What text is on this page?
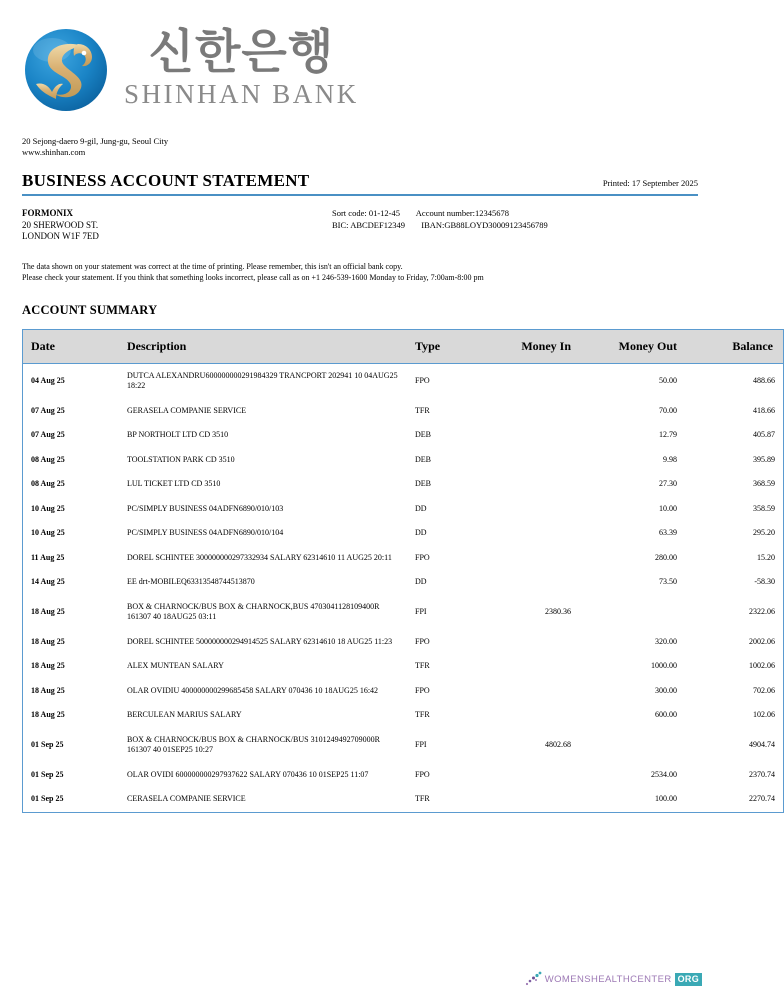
신한은행
SHINHAN BANK
20 Sejong-daero 9-gil, Jung-gu, Seoul City
www.shinhan.com
BUSINESS ACCOUNT STATEMENT	Printed: 17 September 2025
FORMONIX
20 SHERWOOD ST.
LONDON W1F 7ED
Sort code: 01-12-45 Account number:12345678
BIC: ABCDEF12349 IBAN:GB88LOYD30009123456789
The data shown on your statement was correct at the time of printing. Please remember, this isn't an official bank copy.
Please check your statement. If you think that something looks incorrect, please call as on +1 246-539-1600 Monday to Friday, 7:00am-8:00 pm
ACCOUNT SUMMARY
Date	Description	Type	Money In	Money Out	Balance
04 Aug 25	DUTCA ALEXANDRU600000000291984329 TRANCPORT 202941 10 04AUG25 18:22	FPO		50.00	488.66
07 Aug 25	GERASELA COMPANIE SERVICE	TFR		70.00	418.66
07 Aug 25	BP NORTHOLT LTD CD 3510	DEB		12.79	405.87
08 Aug 25	TOOLSTATION PARK CD 3510	DEB		9.98	395.89
08 Aug 25	LUL TICKET LTD CD 3510	DEB		27.30	368.59
10 Aug 25	PC/SIMPLY BUSINESS 04ADFN6890/010/103	DD		10.00	358.59
10 Aug 25	PC/SIMPLY BUSINESS 04ADFN6890/010/104	DD		63.39	295.20
11 Aug 25	DOREL SCHINTEE 300000000297332934 SALARY 62314610 11 AUG25 20:11	FPO		280.00	15.20
14 Aug 25	EE drt-MOBILEQ63313548744513870	DD		73.50	-58.30
18 Aug 25	BOX & CHARNOCK/BUS BOX & CHARNOCK,BUS 4703041128109400R 161307 40 18AUG25 03:11	FPI	2380.36		2322.06
18 Aug 25	DOREL SCHINTEE 500000000294914525 SALARY 62314610 18 AUG25 11:23	FPO		320.00	2002.06
18 Aug 25	ALEX MUNTEAN SALARY	TFR		1000.00	1002.06
18 Aug 25	OLAR OVIDIU 400000000299685458 SALARY 070436 10 18AUG25 16:42	FPO		300.00	702.06
18 Aug 25	BERCULEAN MARIUS SALARY	TFR		600.00	102.06
01 Sep 25	BOX & CHARNOCK/BUS BOX & CHARNOCK/BUS 3101249492709000R 161307 40 01SEP25 10:27	FPI	4802.68		4904.74
01 Sep 25	OLAR OVIDI 600000000297937622 SALARY 070436 10 01SEP25 11:07	FPO		2534.00	2370.74
01 Sep 25	CERASELA COMPANIE SERVICE	TFR		100.00	2270.74
WOMENSHEALTHCENTER ORG
